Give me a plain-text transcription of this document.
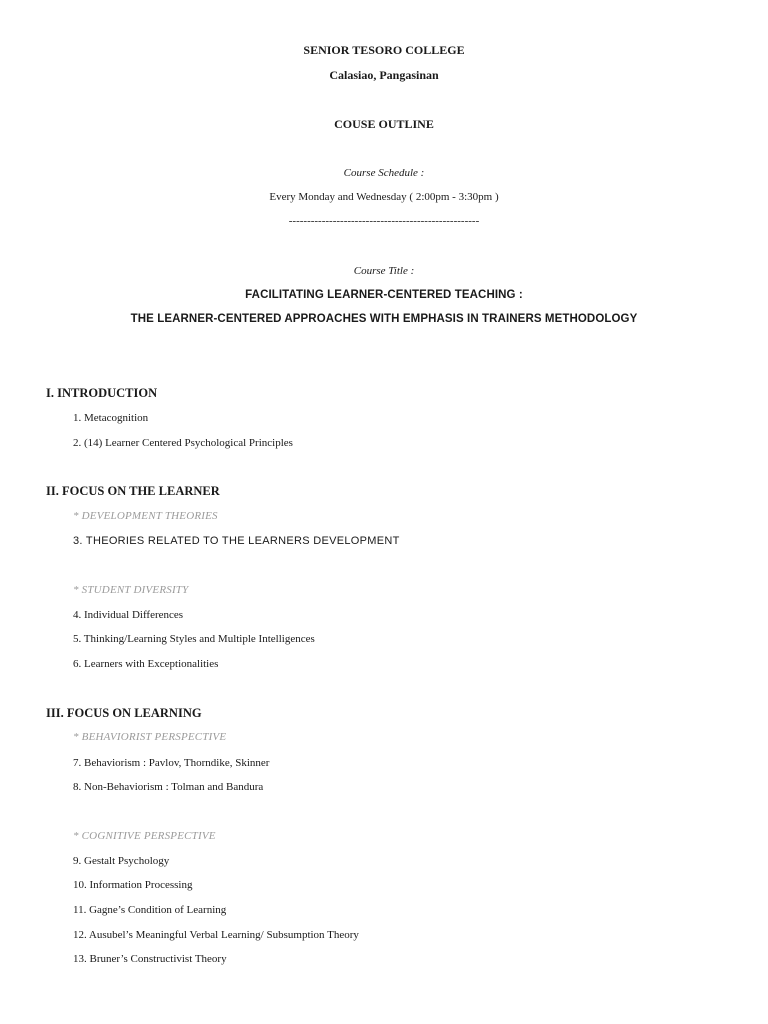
SENIOR TESORO COLLEGE
Calasiao, Pangasinan
COUSE OUTLINE
Course Schedule :
Every Monday and Wednesday ( 2:00pm - 3:30pm )
----------------------------------------------------
Course Title :
FACILITATING LEARNER-CENTERED TEACHING :
THE LEARNER-CENTERED APPROACHES WITH EMPHASIS IN TRAINERS METHODOLOGY
I. INTRODUCTION
1. Metacognition
2. (14) Learner Centered Psychological Principles
II. FOCUS ON THE LEARNER
* DEVELOPMENT THEORIES
3. THEORIES RELATED TO THE LEARNERS DEVELOPMENT
* STUDENT DIVERSITY
4. Individual Differences
5. Thinking/Learning Styles and Multiple Intelligences
6. Learners with Exceptionalities
III. FOCUS ON LEARNING
* BEHAVIORIST PERSPECTIVE
7. Behaviorism : Pavlov, Thorndike, Skinner
8. Non-Behaviorism : Tolman and Bandura
* COGNITIVE PERSPECTIVE
9. Gestalt Psychology
10. Information Processing
11. Gagne’s Condition of Learning
12. Ausubel’s Meaningful Verbal Learning/ Subsumption Theory
13. Bruner’s Constructivist Theory
